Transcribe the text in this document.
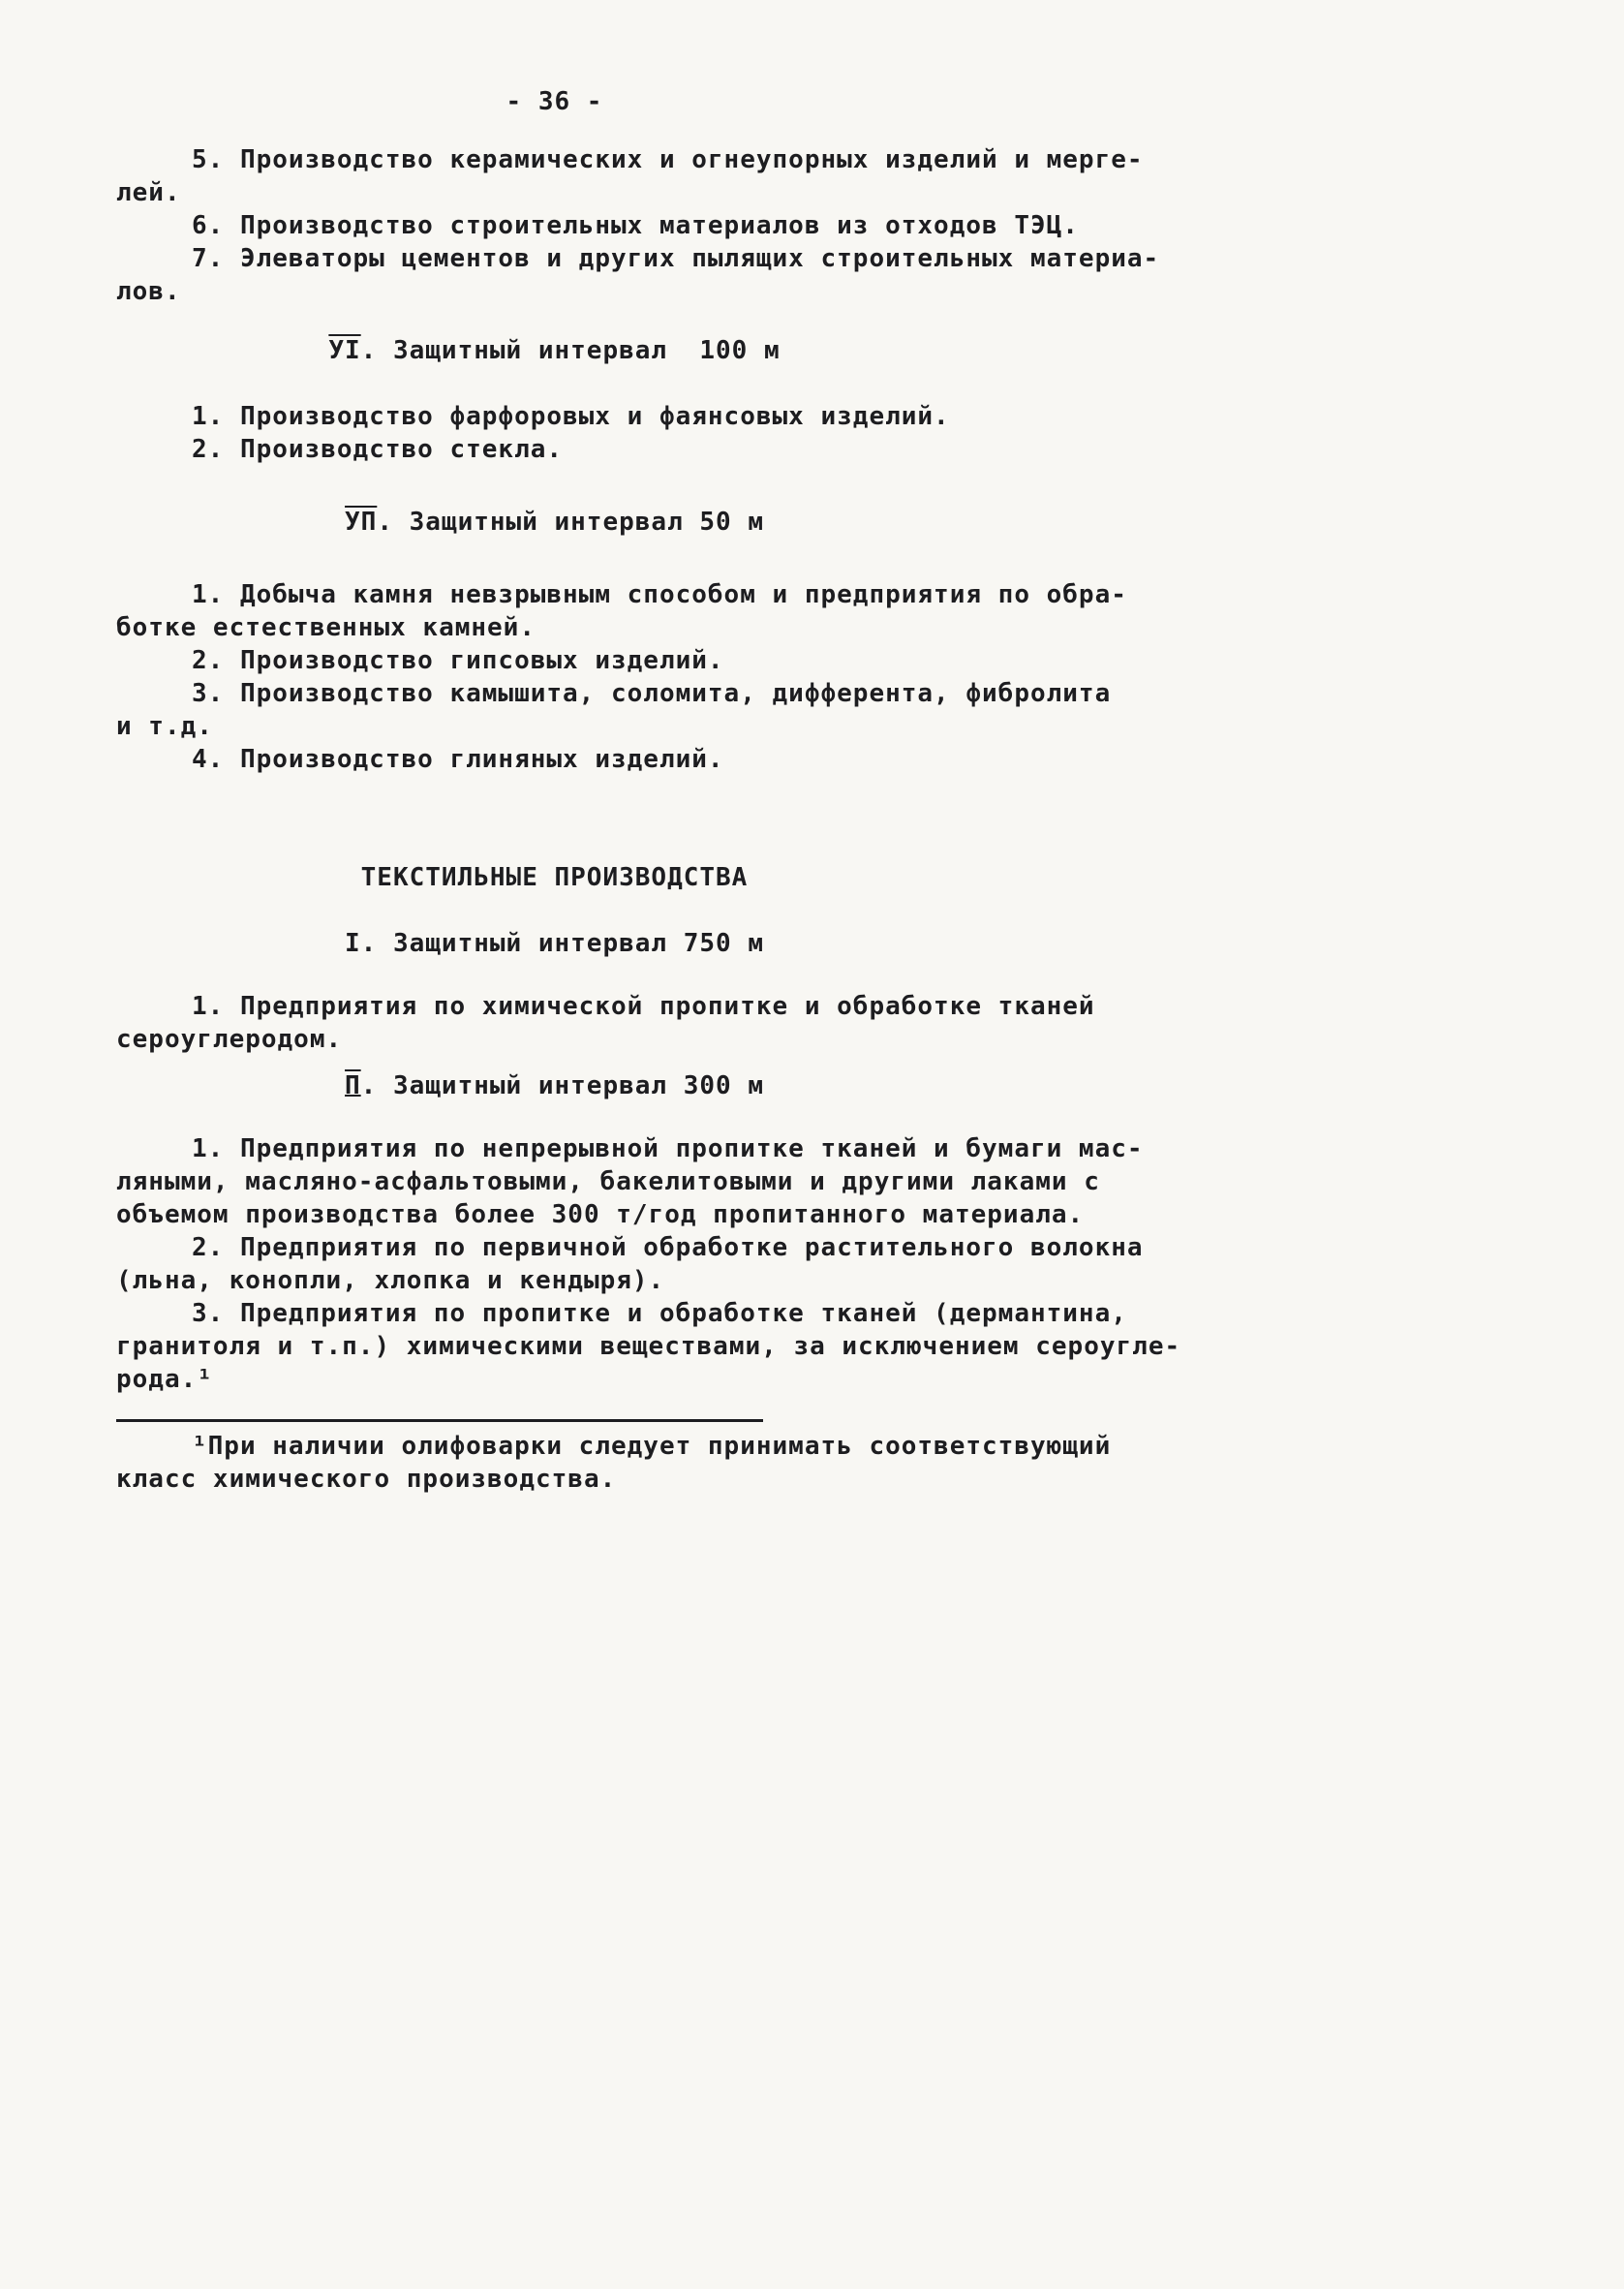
- 36 -
5. Производство керамических и огнеупорных изделий и мерге-
лей.
6. Производство строительных материалов из отходов ТЭЦ.
7. Элеваторы цементов и других пылящих строительных материа-
лов.
УI. Защитный интервал  100 м
1. Производство фарфоровых и фаянсовых изделий.
2. Производство стекла.
УП. Защитный интервал 50 м
1. Добыча камня невзрывным способом и предприятия по обра-
ботке естественных камней.
2. Производство гипсовых изделий.
3. Производство камышита, соломита, дифферента, фибролита
и т.д.
4. Производство глиняных изделий.
ТЕКСТИЛЬНЫЕ ПРОИЗВОДСТВА
I. Защитный интервал 750 м
1. Предприятия по химической пропитке и обработке тканей
сероуглеродом.
П. Защитный интервал 300 м
1. Предприятия по непрерывной пропитке тканей и бумаги мас-
ляными, масляно-асфальтовыми, бакелитовыми и другими лаками с
объемом производства более 300 т/год пропитанного материала.
2. Предприятия по первичной обработке растительного волокна
(льна, конопли, хлопка и кендыря).
3. Предприятия по пропитке и обработке тканей (дермантина,
гранитоля и т.п.) химическими веществами, за исключением сероугле-
рода.¹
¹При наличии олифоварки следует принимать соответствующий
класс химического производства.
